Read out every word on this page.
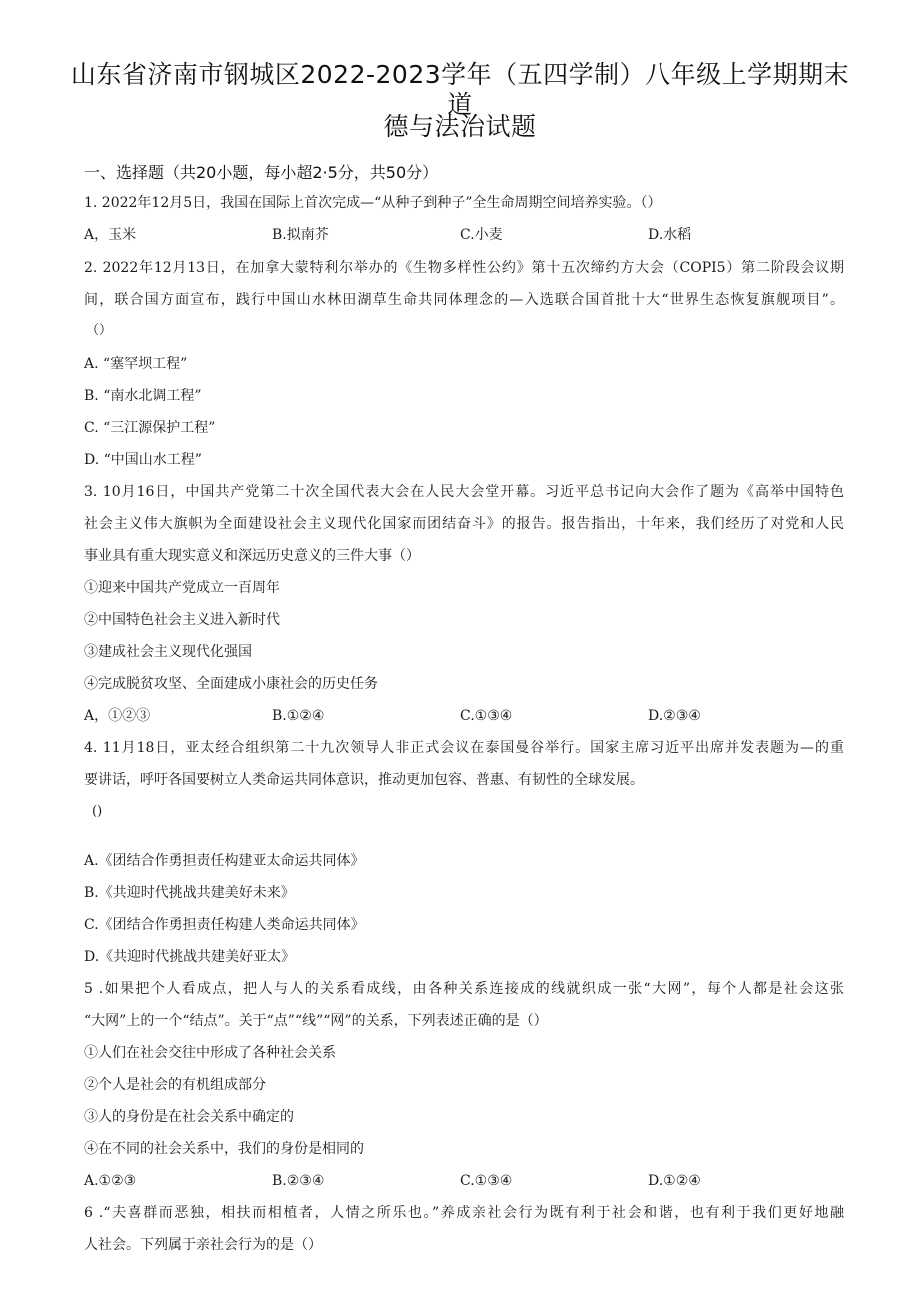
山东省济南市钢城区2022-2023学年（五四学制）八年级上学期期末道
德与法治试题
一、选择题（共20小题，每小超2·5分，共50分）
1. 2022年12月5日，我国在国际上首次完成—“从种子到种子”全生命周期空间培养实验。（）
A，玉米	B.拟南芥	C.小麦	D.水稻
2. 2022年12月13日，在加拿大蒙特利尔举办的《生物多样性公约》第十五次缔约方大会（COPI5）第二阶段会议期
间，联合国方面宣布，践行中国山水林田湖草生命共同体理念的—入选联合国首批十大“世界生态恢复旗舰项目”。
（）
A. “塞罕坝工程”
B. “南水北调工程”
C. “三江源保护工程”
D. “中国山水工程”
3. 10月16日，中国共产党第二十次全国代表大会在人民大会堂开幕。习近平总书记向大会作了题为《高举中国特色
社会主义伟大旗帜为全面建设社会主义现代化国家而团结奋斗》的报告。报告指出，十年来，我们经历了对党和人民
事业具有重大现实意义和深远历史意义的三件大事（）
①迎来中国共产党成立一百周年
②中国特色社会主义进入新时代
③建成社会主义现代化强国
④完成脱贫攻坚、全面建成小康社会的历史任务
A，①②③	B.①②④	C.①③④	D.②③④
4. 11月18日，亚太经合组织第二十九次领导人非正式会议在泰国曼谷举行。国家主席习近平出席并发表题为—的重
要讲话，呼吁各国要树立人类命运共同体意识，推动更加包容、普惠、有韧性的全球发展。
()
A.《团结合作勇担责任构建亚太命运共同体》
B.《共迎时代挑战共建美好未来》
C.《团结合作勇担责任构建人类命运共同体》
D.《共迎时代挑战共建美好亚太》
5 .如果把个人看成点，把人与人的关系看成线，由各种关系连接成的线就织成一张“大网”，每个人都是社会这张
“大网”上的一个“结点”。关于“点”“线”“网”的关系，下列表述正确的是（）
①人们在社会交往中形成了各种社会关系
②个人是社会的有机组成部分
③人的身份是在社会关系中确定的
④在不同的社会关系中，我们的身份是相同的
A.①②③	B.②③④	C.①③④	D.①②④
6 .“夫喜群而恶独，相扶而相植者，人情之所乐也。”养成亲社会行为既有利于社会和谐，也有利于我们更好地融
人社会。下列属于亲社会行为的是（）
